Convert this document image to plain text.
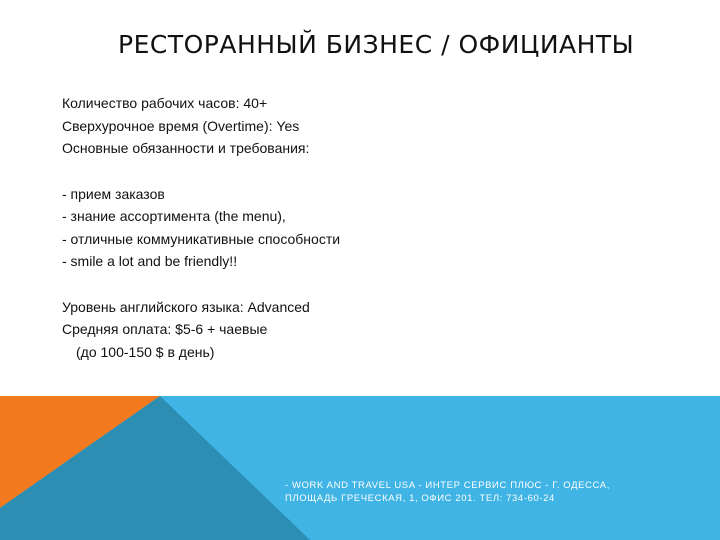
РЕСТОРАННЫЙ БИЗНЕС / ОФИЦИАНТЫ
Количество рабочих часов: 40+
Сверхурочное время (Overtime): Yes
Основные обязанности и требования:
- прием заказов
- знание ассортимента (the menu),
- отличные коммуникативные способности
- smile a lot and be friendly!!
Уровень английского языка: Advanced
Средняя оплата: $5-6 + чаевые
(до 100-150 $ в день)
- WORK AND TRAVEL USA - ИНТЕР СЕРВИС ПЛЮС - Г. ОДЕССА,
ПЛОЩАДЬ ГРЕЧЕСКАЯ, 1, ОФИС 201. ТЕЛ: 734-60-24
